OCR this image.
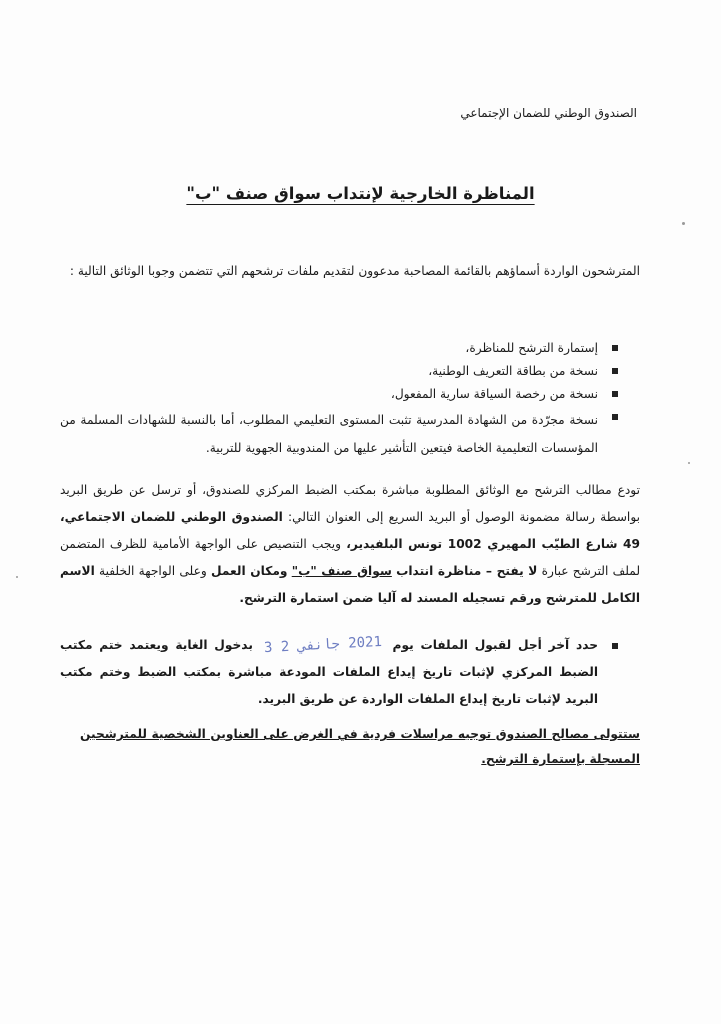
الصندوق الوطني للضمان الإجتماعي
المناظرة الخارجية لإنتداب سواق صنف "ب"
المترشحون الواردة أسماؤهم بالقائمة المصاحبة مدعوون لتقديم ملفات ترشحهم التي تتضمن وجوبا الوثائق التالية :
إستمارة الترشح للمناظرة،
نسخة من بطاقة التعريف الوطنية،
نسخة من رخصة السياقة سارية المفعول،
نسخة مجرّدة من الشهادة المدرسية تثبت المستوى التعليمي المطلوب، أما بالنسبة للشهادات المسلمة من المؤسسات التعليمية الخاصة فيتعين التأشير عليها من المندوبية الجهوية للتربية.
تودع مطالب الترشح مع الوثائق المطلوبة مباشرة بمكتب الضبط المركزي للصندوق، أو ترسل عن طريق البريد بواسطة رسالة مضمونة الوصول أو البريد السريع إلى العنوان التالي: الصندوق الوطني للضمان الاجتماعي، 49 شارع الطيّب المهيري 1002 تونس البلفيدير، ويجب التنصيص على الواجهة الأمامية للظرف المتضمن لملف الترشح عبارة لا يفتح – مناظرة انتداب سواق صنف "ب" ومكان العمل وعلى الواجهة الخلفية الاسم الكامل للمترشح ورقم تسجيله المسند له آليا ضمن استمارة الترشح.
حدد آخر أجل لقبول الملفات يوم 2021 جانفي 2 3 بدخول الغاية ويعتمد ختم مكتب الضبط المركزي لإثبات تاريخ إيداع الملفات المودعة مباشرة بمكتب الضبط وختم مكتب البريد لإثبات تاريخ إيداع الملفات الواردة عن طريق البريد.
ستتولى مصالح الصندوق توجيه مراسلات فردية في الغرض على العناوين الشخصية للمترشحين المسجلة بإستمارة الترشح.
